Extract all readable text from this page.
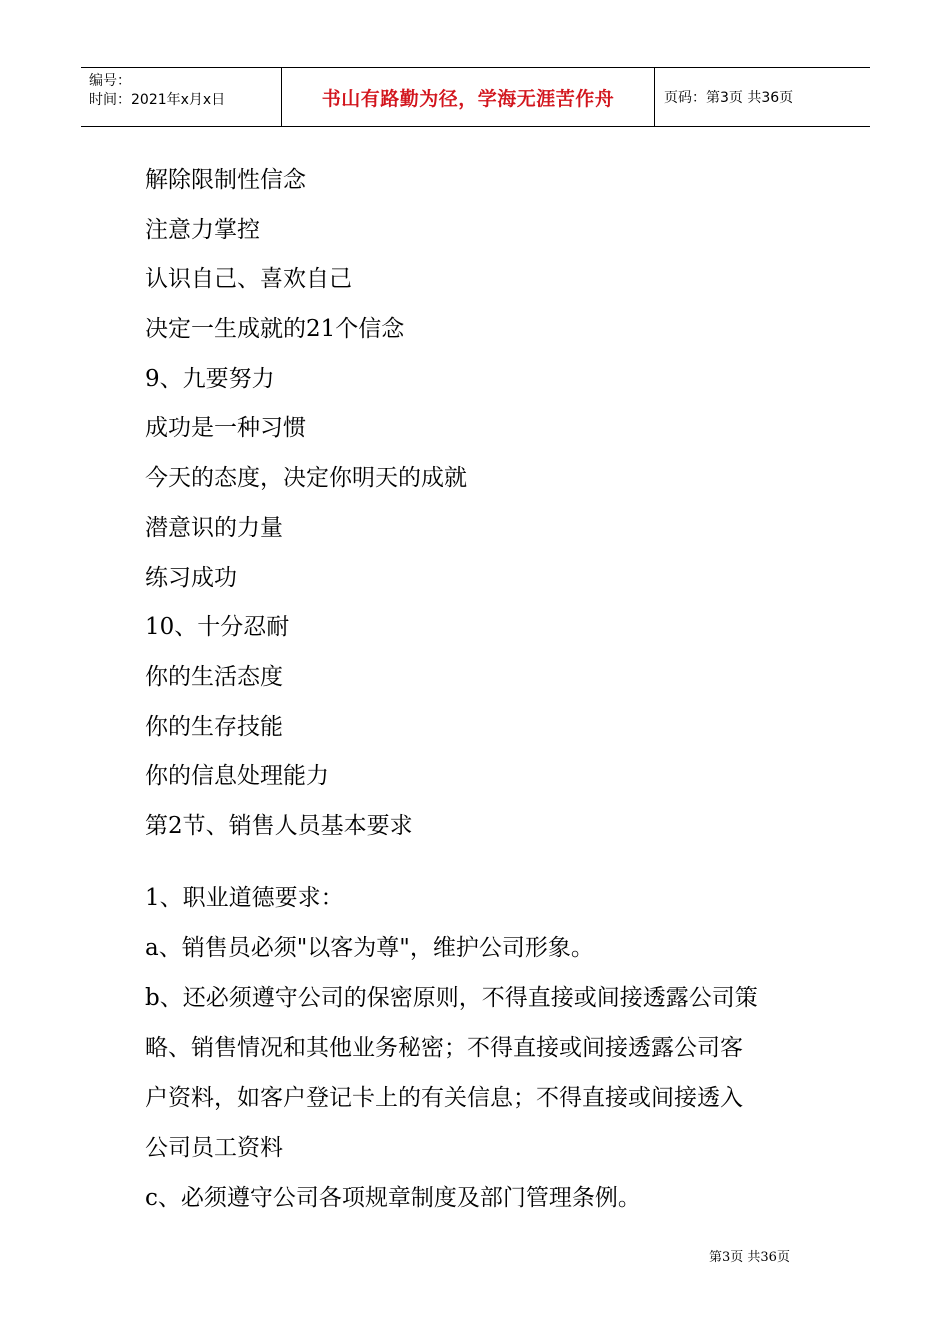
编号：
时间：2021年x月x日	书山有路勤为径，学海无涯苦作舟	页码：第3页 共36页
解除限制性信念
注意力掌控
认识自己、喜欢自己
决定一生成就的21个信念
9、九要努力
成功是一种习惯
今天的态度，决定你明天的成就
潜意识的力量
练习成功
10、十分忍耐
你的生活态度
你的生存技能
你的信息处理能力
第2节、销售人员基本要求
1、职业道德要求：
a、销售员必须"以客为尊"，维护公司形象。
b、还必须遵守公司的保密原则，不得直接或间接透露公司策
略、销售情况和其他业务秘密；不得直接或间接透露公司客
户资料，如客户登记卡上的有关信息；不得直接或间接透入
公司员工资料
c、必须遵守公司各项规章制度及部门管理条例。
第3页 共36页
